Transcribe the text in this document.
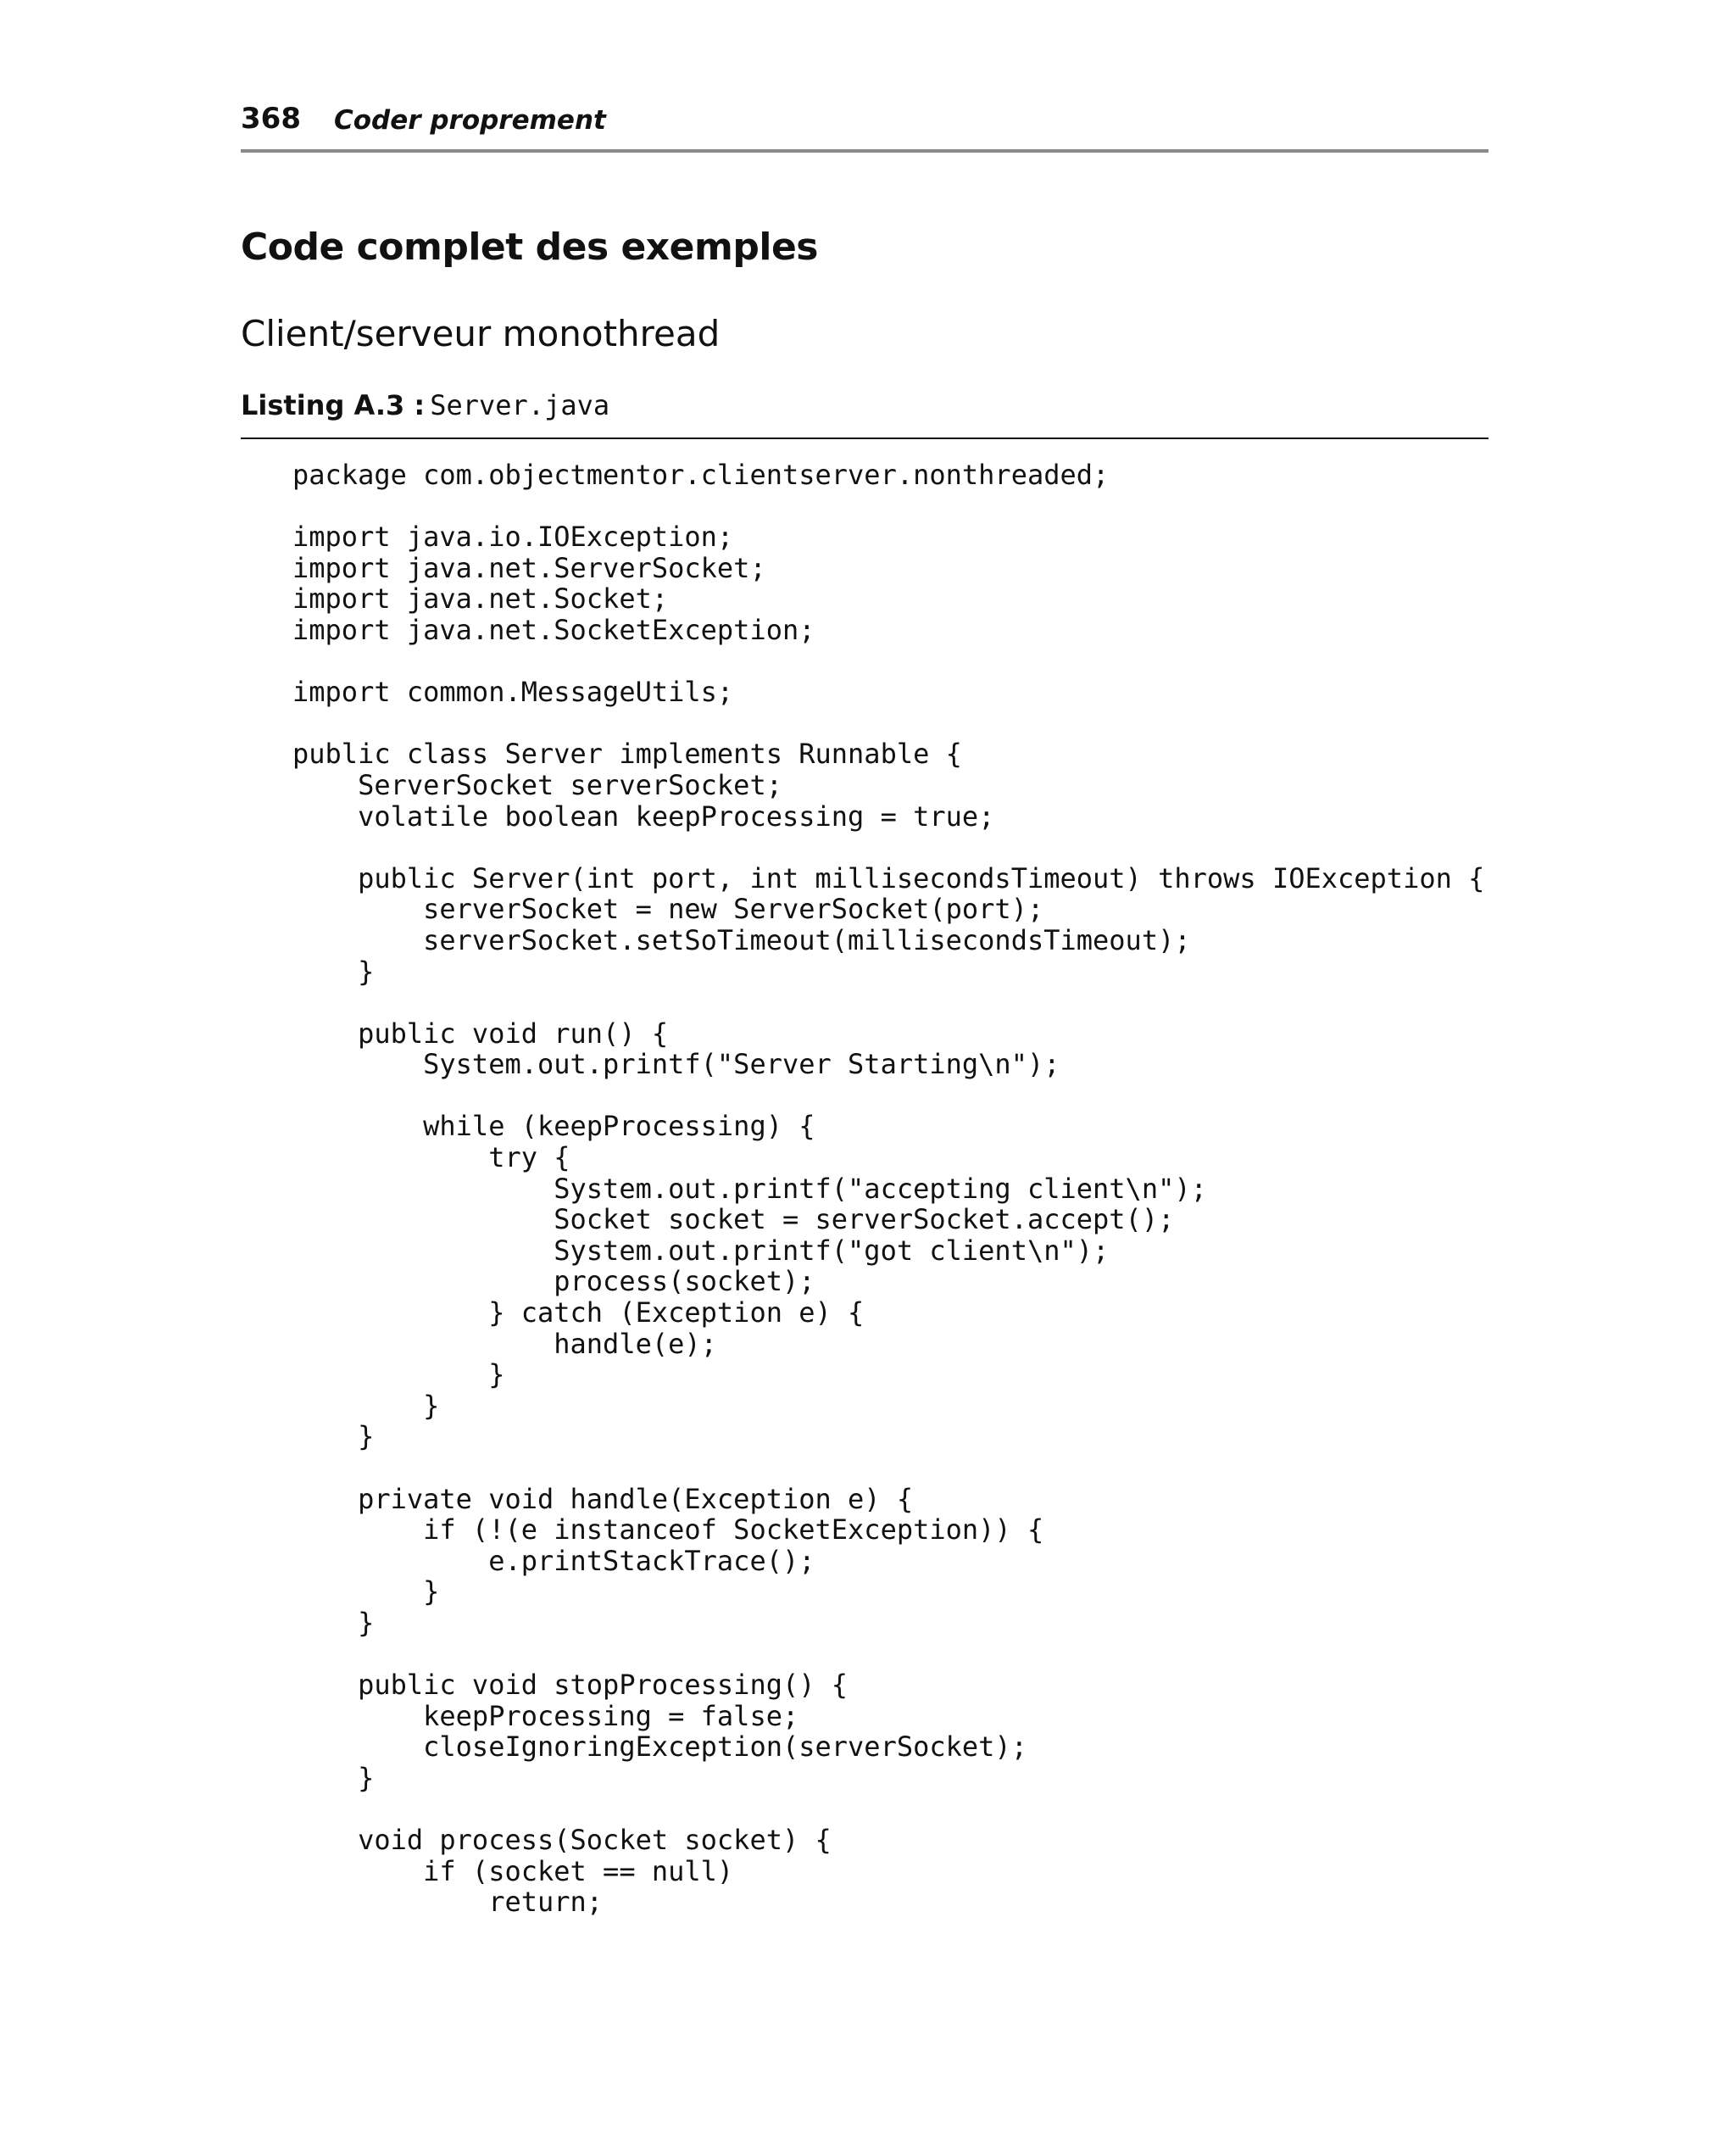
368 Coder proprement
Code complet des exemples
Client/serveur monothread
Listing A.3 : Server.java
package com.objectmentor.clientserver.nonthreaded;

import java.io.IOException;
import java.net.ServerSocket;
import java.net.Socket;
import java.net.SocketException;

import common.MessageUtils;

public class Server implements Runnable {
ServerSocket serverSocket;
volatile boolean keepProcessing = true;

public Server(int port, int millisecondsTimeout) throws IOException {
serverSocket = new ServerSocket(port);
serverSocket.setSoTimeout(millisecondsTimeout);
}

public void run() {
System.out.printf("Server Starting\n");

while (keepProcessing) {
try {
System.out.printf("accepting client\n");
Socket socket = serverSocket.accept();
System.out.printf("got client\n");
process(socket);
} catch (Exception e) {
handle(e);
}
}
}

private void handle(Exception e) {
if (!(e instanceof SocketException)) {
e.printStackTrace();
}
}

public void stopProcessing() {
keepProcessing = false;
closeIgnoringException(serverSocket);
}

void process(Socket socket) {
if (socket == null)
return;
